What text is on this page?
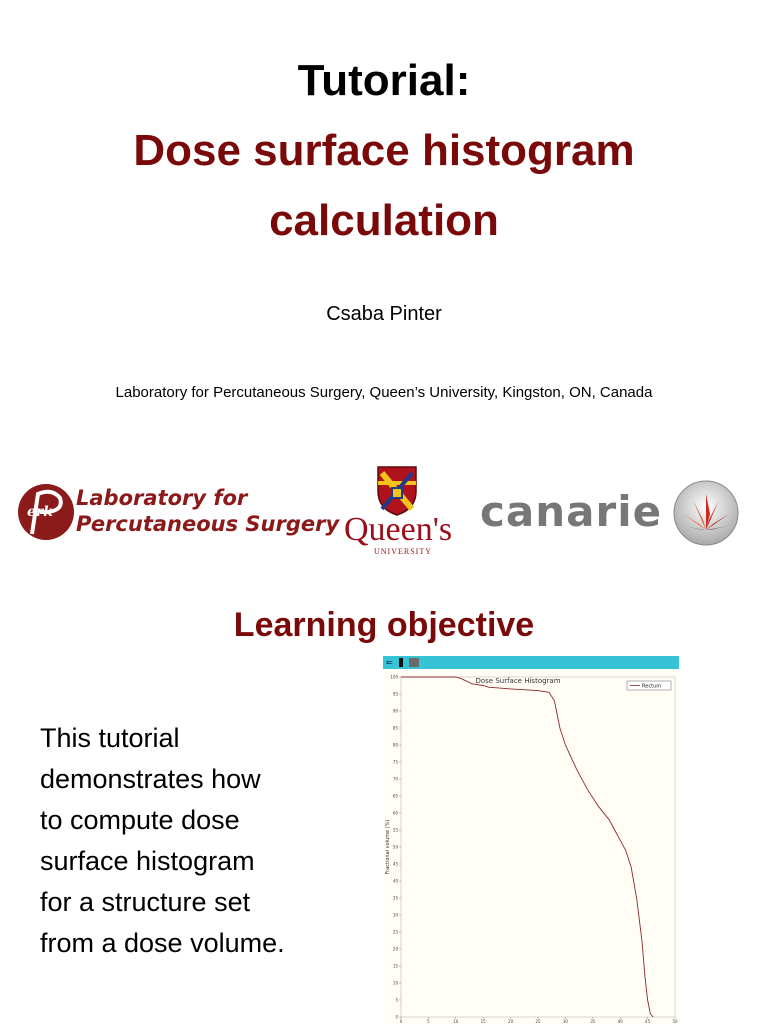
Tutorial:
Dose surface histogram
calculation
Csaba Pinter
Laboratory for Percutaneous Surgery, Queen’s University, Kingston, ON, Canada
erk
Laboratory for
Percutaneous Surgery Queen's
UNIVERSITY
canarie
Learning objective
This tutorial
demonstrates how
to compute dose
surface histogram
for a structure set
from a dose volume.
⇐
Dose Surface Histogram
0
5
10
15
20
25
30
35
40
45
50
55
60
65
70
75
80
85
90
95
100
0	5	10	15	20	25	30	35	40	45	50
Fractional volume (%)
Rectum
